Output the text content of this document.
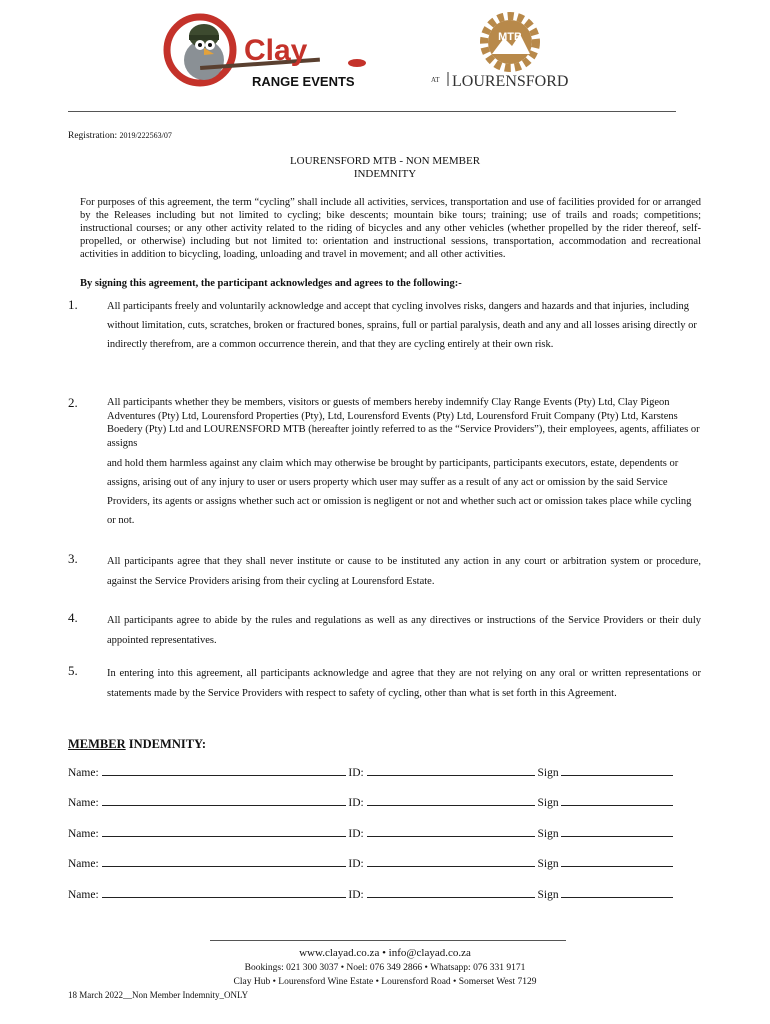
Clay
RANGE EVENTS
MTB
AT LOURENSFORD
Registration: 2019/222563/07
LOURENSFORD MTB - NON MEMBER
INDEMNITY
For purposes of this agreement, the term “cycling” shall include all activities, services, transportation and use of facilities provided for or arranged by the Releases including but not limited to cycling; bike descents; mountain bike tours; training; use of trails and roads; competitions; instructional courses; or any other activity related to the riding of bicycles and any other vehicles (whether propelled by the rider thereof, self-propelled, or otherwise) including but not limited to: orientation and instructional sessions, transportation, accommodation and recreational activities in addition to bicycling, loading, unloading and travel in movement; and all other activities.
By signing this agreement, the participant acknowledges and agrees to the following:-
1.	All participants freely and voluntarily acknowledge and accept that cycling involves risks, dangers and hazards and that injuries, including without limitation, cuts, scratches, broken or fractured bones, sprains, full or partial paralysis, death and any and all losses arising directly or indirectly therefrom, are a common occurrence therein, and that they are cycling entirely at their own risk.
2.	All participants whether they be members, visitors or guests of members hereby indemnify Clay Range Events (Pty) Ltd, Clay Pigeon Adventures (Pty) Ltd, Lourensford Properties (Pty), Ltd, Lourensford Events (Pty) Ltd, Lourensford Fruit Company (Pty) Ltd, Karstens Boedery (Pty) Ltd and LOURENSFORD MTB (hereafter jointly referred to as the “Service Providers”), their employees, agents, affiliates or assigns

and hold them harmless against any claim which may otherwise be brought by participants, participants executors, estate, dependents or assigns, arising out of any injury to user or users property which user may suffer as a result of any act or omission by the said Service Providers, its agents or assigns whether such act or omission is negligent or not and whether such act or omission takes place while cycling or not.

3.	All participants agree that they shall never institute or cause to be instituted any action in any court or arbitration system or procedure, against the Service Providers arising from their cycling at Lourensford Estate.
4.	All participants agree to abide by the rules and regulations as well as any directives or instructions of the Service Providers or their duly appointed representatives.
5.	In entering into this agreement, all participants acknowledge and agree that they are not relying on any oral or written representations or statements made by the Service Providers with respect to safety of cycling, other than what is set forth in this Agreement.
MEMBER INDEMNITY:
Name:	ID:	Sign
Name:	ID:	Sign
Name:	ID:	Sign
Name:	ID:	Sign
Name:	ID:	Sign
www.clayad.co.za • info@clayad.co.za
Bookings: 021 300 3037 • Noel: 076 349 2866 • Whatsapp: 076 331 9171
Clay Hub • Lourensford Wine Estate • Lourensford Road • Somerset West 7129
18 March 2022__Non Member Indemnity_ONLY
